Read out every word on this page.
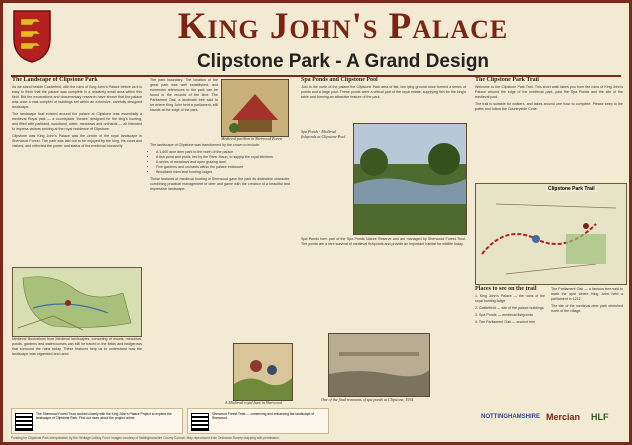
King John's Palace
Clipstone Park - A Grand Design
The Landscape of Clipstone Park
As we stand beside Castlefield, with the ruins of King John's Palace before us it is easy to think that the palace was complete in a relatively small area within this field. But the excavations and documentary research have shown that the palace was once a vast complex of buildings set within an extensive, carefully designed landscape.
The landscape that existed around the palace at Clipstone was essentially a medieval Royal park — a countryside 'theatre' designed for the king's hunting, and filled with parkland, woodland, water, meadows and orchards — all intended to impress visitors arriving at the royal residence of Clipstone.
Clipstone was King John's Palace was the centre of the royal landscape in Sherwood Forest. The park was laid out to be enjoyed by the king, his court and visitors, and reflected the power and status of the medieval monarchy.
Medieval Illustrations from Medieval landscapes, consisting of woods, meadows, ponds, gardens and watercourses can still be traced in the fields and hedgerows that surround the ruins today. These features help us to understand how the landscape was organised and used.
The park boundary. The location of the great park was well established, and numerous references to the park can be found in the records of the time. The Parliament Oak, a landmark tree said to be where King John held a parliament, still stands at the edge of the park.
Medieval pavilion in Sherwood Forest
The landscape of Clipstone was transformed by the crown to include:
• A 1,600 acre deer park to the north of the palace
• A fish pond and pools, fed by the River Maun, to supply the royal kitchens
• A series of meadows and open grazing land
• Fine gardens and orchards within the palace enclosure
• Woodland rides and hunting lodges
These features of medieval hunting in Sherwood gave the park its distinctive character, combining practical management of deer and game with the creation of a beautiful and impressive landscape.
A Medieval royal hunt in Sherwood
Spa Ponds and Clipstone Pool
Just to the north of the palace the Clipstone Park area of flat, low lying ground once formed a series of ponds and a large pool. These ponds were a critical part of the royal estate, supplying fish for the king's table and forming an attractive feature of the park.
Spa Ponds - Medieval fishponds at Clipstone Pool
Spa Ponds form part of the Spa Ponds Nature Reserve and are managed by Sherwood Forest Trust. The ponds are a rare survival of medieval fishponds and provide an important habitat for wildlife today.
One of the final remnants of spa ponds at Clipstone, 1934
The Clipstone Park Trail
Welcome to the Clipstone Park Trail. This short walk takes you from the ruins of King John's Palace around the edge of the medieval park, past the Spa Ponds and the site of the medieval pool.
The trail is suitable for walkers, and takes around one hour to complete. Please keep to the paths and follow the Countryside Code.
Clipstone Park Trail
Places to see on the trail
1. King John's Palace — the ruins of the royal hunting lodge
2. Castlefield — site of the palace buildings
3. Spa Ponds — medieval fishponds
4. The Parliament Oak — ancient tree
The Parliament Oak — a famous tree said to mark the spot where King John held a parliament in 1212.
The site of the medieval deer park stretched north of the village.
The Sherwood Forest Trust worked closely with the King John's Palace Project to explore the landscape of Clipstone Park. Find out more about the project online.
Sherwood Forest Trust — conserving and enhancing the landscape of Sherwood.	NOTTINGHAMSHIRE Mercian HLF
Funding for Clipstone Park interpretation by the Heritage Lottery Fund. Images courtesy of Nottinghamshire County Council. Map reproduced from Ordnance Survey mapping with permission.
